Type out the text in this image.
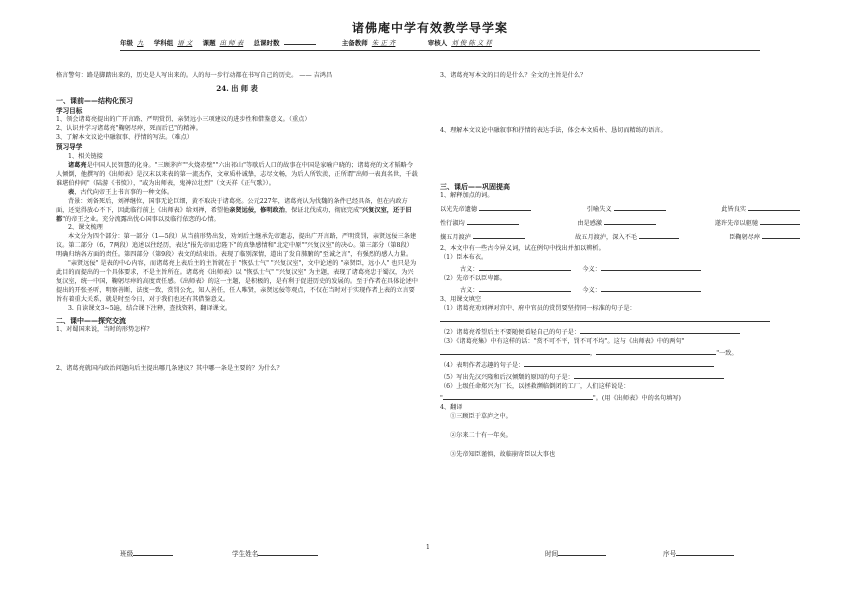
诸佛庵中学有效教学导学案
年级 九 学科组 语 文 课题 出 师 表 总课时数	主备教师 朱 正 齐	审核人 刘 俊 陈 义 祥

格言警句：路是脚踏出来的，历史是人写出来的。人的每一步行动都在书写自己的历史。 —— 吉鸿昌

24. 出 师 表
一、课前——结构化预习
学习目标

1、领会诸葛亮提出的广开言路、严明赏罚、亲贤远小三项建议的进步性和借鉴意义。（重点）

2、认识并学习诸葛亮"鞠躬尽瘁，死而后已"的精神。

3、了解本文议论中融叙事、抒情的写法。（难点）

预习导学

1、相关链接

诸葛亮是中国人民智慧的化身。"三顾茅庐""火烧赤壁""六出祁山"等歇后人口的故事在中国是家喻户晓的；诸葛亮的文才韬略令人倾倒，他撰写的《出师表》是汉末以来表的第一流杰作，文章质朴诚挚，志尽文畅，为后人所钦羡，正所谓"出师一表真名世，千载谁堪伯仲间"（陆游《书愤》），"或为出师表，鬼神泣壮烈"（文天祥《正气歌》）。

表，古代向帝王上书言事的一种文体。

背景：刘备死后，刘禅继位，国事无论巨细，黄不取决于诸葛亮。公元227年，诸葛亮认为伐魏的条件已经具备，但在内政方面，还觉得放心不下，因此临行前上《出师表》给刘禅，希望他亲贤远佞，修明政治，保证北伐成功，彻底完成"兴复汉室，还于旧都"的帝王之业。充分流露出忧心国事以及临行依恋的心情。

2、课文梳理

本文分为四个部分：第一部分（1—5段）从当前形势出发，劝刘后主继承先帝遗志，提出广开言路，严明赏罚，亲贤远佞三条建议。第二部分（6，7两段）追述以往经历，表达"报先帝而忠陛下"的真挚感情和"北定中原""兴复汉室"的决心。第三部分（第8段）明确归纳各方面的责任。第四部分（第9段）表文的结束语。表现了临别深情，道出了发自肺腑的"至诚之言"，有强烈的感人力量。

"亲贤远佞" 是表的中心内容，而诸葛亮上表后主的主旨就在于 "恢弘士气" "兴复汉室"，文中论述的 "亲贤臣，远小人" 也只是为此目的而提出的一个具体要求，不是主旨所在。诸葛亮《出师表》以 "恢弘士气" "兴复汉室" 为主题，表现了诸葛亮忠于蜀汉，为兴复汉室，统一中国，鞠躬尽瘁的高度责任感。《出师表》的这一主题，是积极的，是有利于促进历史的发展的。至于作者在具体论述中提出的开张圣听，明察善断，法度一致，赏罚公允，知人善任，任人唯贤，亲贤远佞等观点，不仅在当时对于实现作者上表的立言要旨有着重大关系，就是时至今日，对于我们也还有其借鉴意义。

3. 自读课文3~5遍，结合课下注释，查找资料，翻译课文。

二、课中——探究交流

1、对蜀国来说，当时的形势怎样？

2、诸葛亮就国内政治问题向后主提出哪几条建议？其中哪一条是主要的？为什么？

3、诸葛亮写本文的目的是什么？全文的主旨是什么？

4、理解本文议论中融叙事和抒情的表达手法，体会本文质朴、恳切而精练的语言。

三、课后——巩固提高

1、解释加点的词。

以光先帝遗德	引喻失义	此皆良实
性行淑均	由是感激	遂许先帝以驱驰
攘五月渡泸	故五月渡泸，深入不毛	臣鞠躬尽瘁

2、本文中有一些古今异义词，试在例句中找出并加以辨析。

（1）臣本布衣。

古义：	今义：

（2）先帝不以臣卑鄙。

古义：	今义：

3、用课文填空

（1）诸葛亮劝刘禅对宫中、府中官员的赏罚要坚持同一标准的句子是：

（2）诸葛亮希望后主不要随便看轻自己的句子是：

（3）《诸葛亮集》中有这样的话："赏不可不平，罚不可不均"。这与《出师表》中的两句"

，	"一致。

（4）表明作者志趣的句子是：

（5）写出先汉兴隆和后汉倾颓的原因的句子是：

（6）上级任命郑兴为厂长，以拯救濒临倒闭的工厂，人们这样说是：

"	"。(用《出师表》中的名句填写)

4、翻译

①三顾臣于草庐之中。

②尔来二十有一年矣。

③先帝知臣谨慎，故临崩寄臣以大事也

1
班级	学生姓名	时间	序号
